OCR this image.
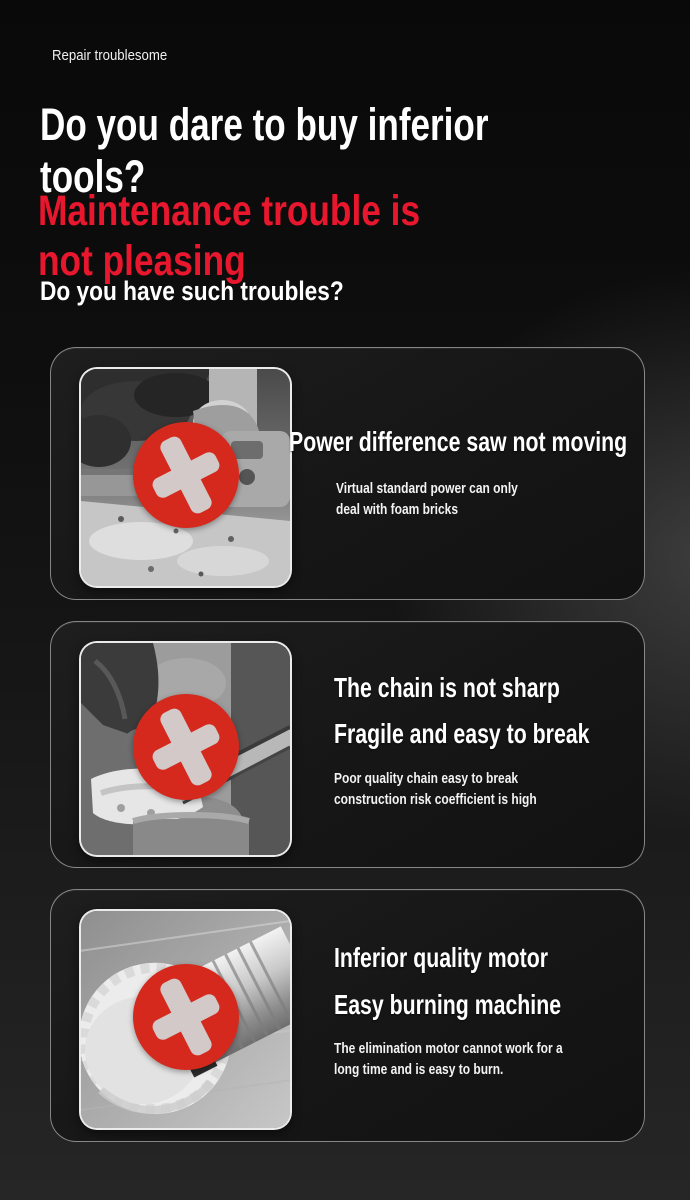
Repair troublesome
Do you dare to buy inferior
tools?
Maintenance trouble is
not pleasing
Do you have such troubles?
Power difference saw not moving

Virtual standard power can only
deal with foam bricks

The chain is not sharp
Fragile and easy to break

Poor quality chain easy to break
construction risk coefficient is high

Inferior quality motor
Easy burning machine

The elimination motor cannot work for a
long time and is easy to burn.
